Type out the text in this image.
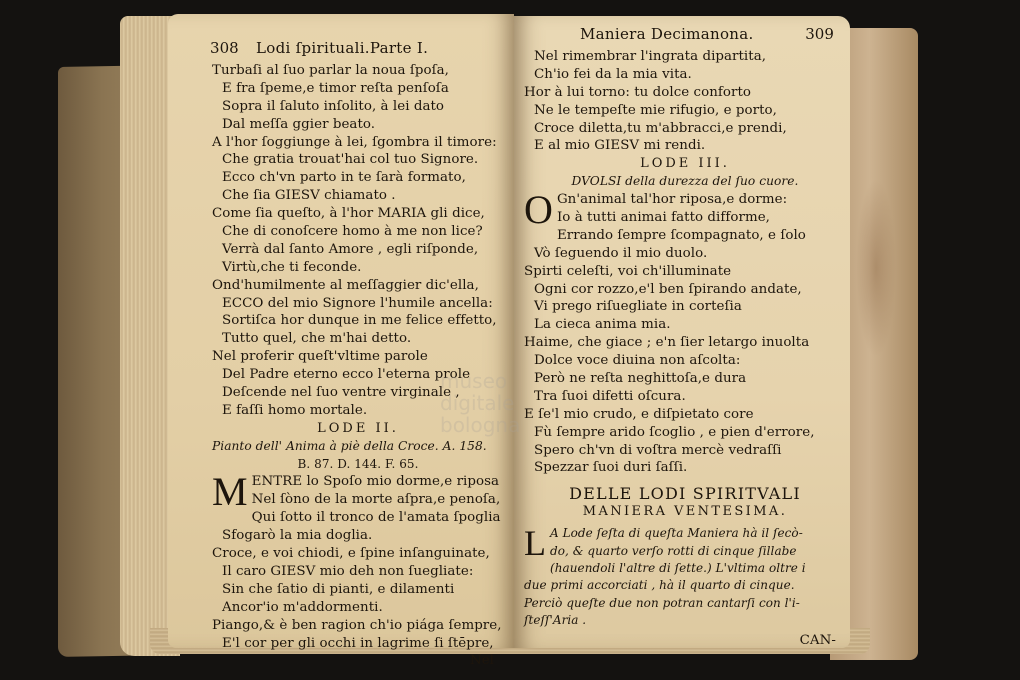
308 Lodi ſpirituali.Parte I.
Turbaſi al ſuo parlar la noua ſpoſa,
E fra ſpeme,e timor reſta penſoſa
Sopra il ſaluto inſolito, à lei dato
Dal meſſa ggier beato.
A l'hor ſoggiunge à lei, ſgombra il timore:
Che gratia trouat'hai col tuo Signore.
Ecco ch'vn parto in te ſarà formato,
Che ſia GIESV chiamato .
Come ſia queſto, à l'hor MARIA gli dice,
Che di conoſcere homo à me non lice?
Verrà dal ſanto Amore , egli riſponde,
Virtù,che ti feconde.
Ond'humilmente al meſſaggier dic'ella,
ECCO del mio Signore l'humile ancella:
Sortiſca hor dunque in me felice effetto,
Tutto quel, che m'hai detto.
Nel proferir queſt'vltime parole
Del Padre eterno ecco l'eterna prole
Deſcende nel ſuo ventre virginale ,
E faſſi homo mortale.
LODE II.
Pianto dell' Anima à piè della Croce. A. 158.
B. 87. D. 144. F. 65.
M ENTRE lo Spoſo mio dorme,e riposa
Nel ſòno de la morte aſpra,e penoſa,
Qui ſotto il tronco de l'amata ſpoglia
Sfogarò la mia doglia.
Croce, e voi chiodi, e ſpine inſanguinate,
Il caro GIESV mio deh non ſuegliate:
Sin che ſatio di pianti, e dilamenti
Ancor'io m'addormenti.
Piango,& è ben ragion ch'io piága ſempre,
E'l cor per gli occhi in lagrime ſi ſtēpre,
Nel
Maniera Decimanona.	309
Nel rimembrar l'ingrata dipartita,
Ch'io fei da la mia vita.
Hor à lui torno: tu dolce conforto
Ne le tempeſte mie rifugio, e porto,
Croce diletta,tu m'abbracci,e prendi,
E al mio GIESV mi rendi.
LODE III.
DVOLSI della durezza del ſuo cuore.
O Gn'animal tal'hor riposa,e dorme:
Io à tutti animai fatto difforme,
Errando ſempre ſcompagnato, e ſolo
Vò ſeguendo il mio duolo.
Spirti celeſti, voi ch'illuminate
Ogni cor rozzo,e'l ben ſpirando andate,
Vi prego riſuegliate in corteſia
La cieca anima mia.
Haime, che giace ; e'n ſier letargo inuolta
Dolce voce diuina non aſcolta:
Però ne reſta neghittoſa,e dura
Tra ſuoi difetti oſcura.
E ſe'l mio crudo, e diſpietato core
Fù ſempre arido ſcoglio , e pien d'errore,
Spero ch'vn di voſtra mercè vedraſſi
Spezzar ſuoi duri ſaſſi.
DELLE LODI SPIRITVALI
MANIERA VENTESIMA.
L A Lode ſeſta di queſta Maniera hà il ſecò-
do, & quarto verſo rotti di cinque ſillabe
(hauendoli l'altre di ſette.) L'vltima oltre i
due primi accorciati , hà il quarto di cinque.
Perciò queſte due non potran cantarſi con l'i-
ſteſſ'Aria .
CAN-
museo
digitale
bologna
